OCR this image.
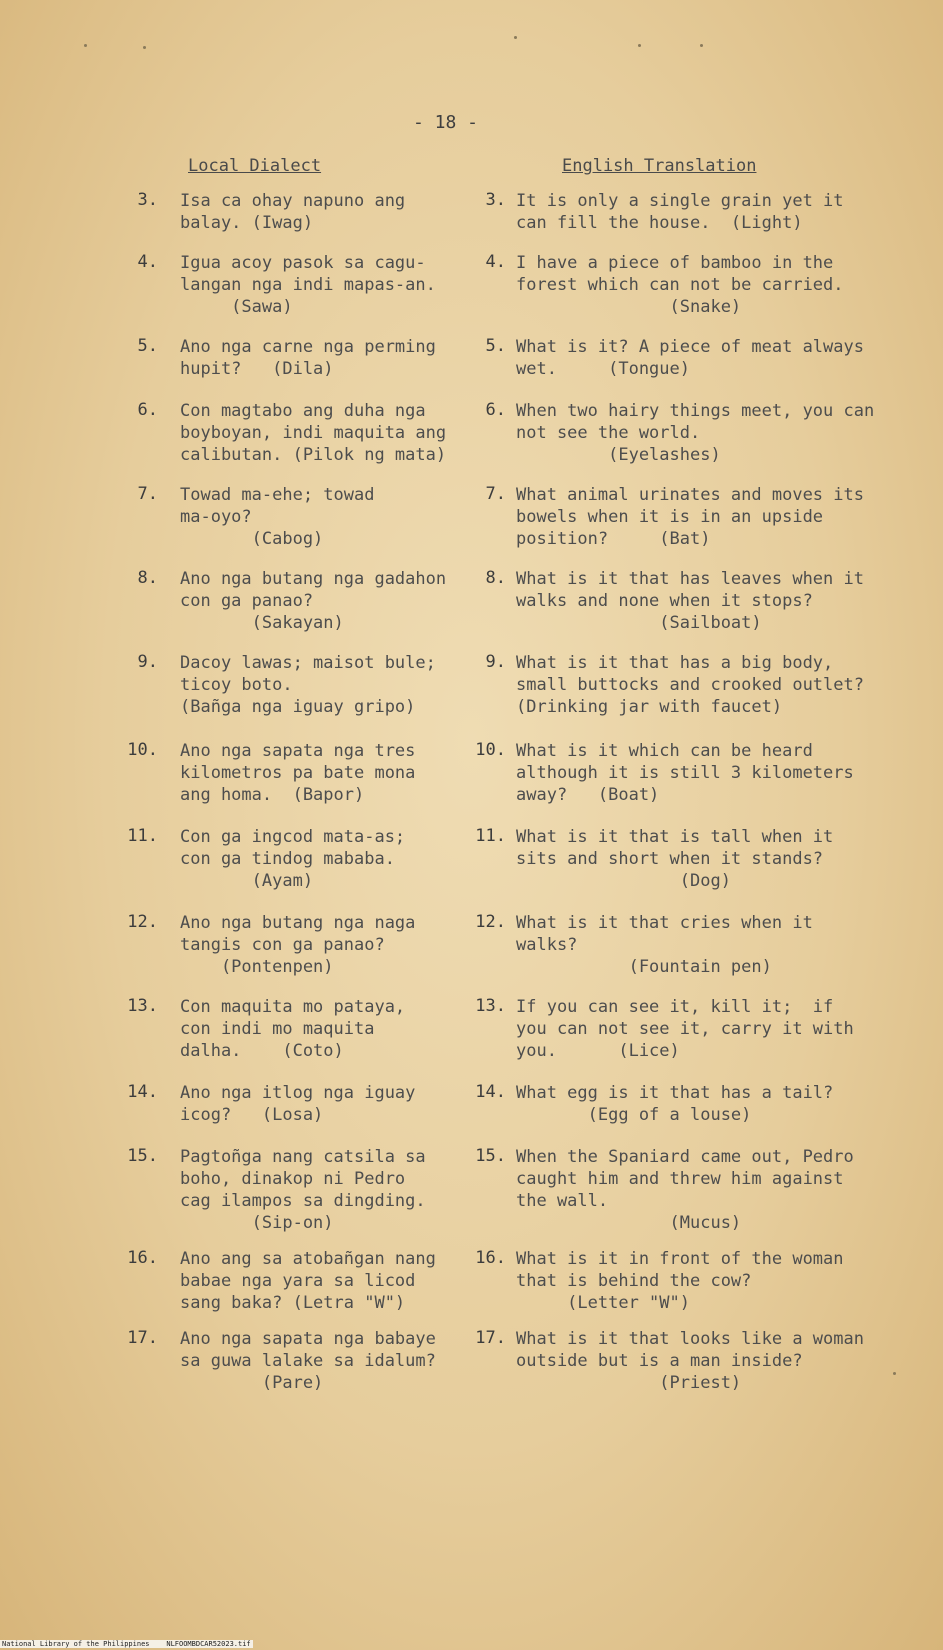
- 18 -
Local Dialect	English Translation
3. Isa ca ohay napuno ang
balay. (Iwag)
3. It is only a single grain yet it
can fill the house.  (Light)
4. Igua acoy pasok sa cagu-
langan nga indi mapas-an.
(Sawa)
4. I have a piece of bamboo in the
forest which can not be carried.
(Snake)
5. Ano nga carne nga perming
hupit?   (Dila)
5. What is it? A piece of meat always
wet.     (Tongue)
6. Con magtabo ang duha nga
boyboyan, indi maquita ang
calibutan. (Pilok ng mata)
6. When two hairy things meet, you can
not see the world.
(Eyelashes)
7. Towad ma-ehe; towad
ma-oyo?
(Cabog)
7. What animal urinates and moves its
bowels when it is in an upside
position?     (Bat)
8. Ano nga butang nga gadahon
con ga panao?
(Sakayan)
8. What is it that has leaves when it
walks and none when it stops?
(Sailboat)
9. Dacoy lawas; maisot bule;
ticoy boto.
(Bañga nga iguay gripo)
9. What is it that has a big body,
small buttocks and crooked outlet?
(Drinking jar with faucet)
10. Ano nga sapata nga tres
kilometros pa bate mona
ang homa.  (Bapor)
10. What is it which can be heard
although it is still 3 kilometers
away?   (Boat)
11. Con ga ingcod mata-as;
con ga tindog mababa.
(Ayam)
11. What is it that is tall when it
sits and short when it stands?
(Dog)
12. Ano nga butang nga naga
tangis con ga panao?
(Pontenpen)
12. What is it that cries when it
walks?
(Fountain pen)
13. Con maquita mo pataya,
con indi mo maquita
dalha.    (Coto)
13. If you can see it, kill it;  if
you can not see it, carry it with
you.      (Lice)
14. Ano nga itlog nga iguay
icog?   (Losa)
14. What egg is it that has a tail?
(Egg of a louse)
15. Pagtoñga nang catsila sa
boho, dinakop ni Pedro
cag ilampos sa dingding.
(Sip-on)
15. When the Spaniard came out, Pedro
caught him and threw him against
the wall.
(Mucus)
16. Ano ang sa atobañgan nang
babae nga yara sa licod
sang baka? (Letra "W")
16. What is it in front of the woman
that is behind the cow?
(Letter "W")
17. Ano nga sapata nga babaye
sa guwa lalake sa idalum?
(Pare)
17. What is it that looks like a woman
outside but is a man inside?
(Priest)
National Library of the Philippines    NLFOOMBDCAR52023.tif
